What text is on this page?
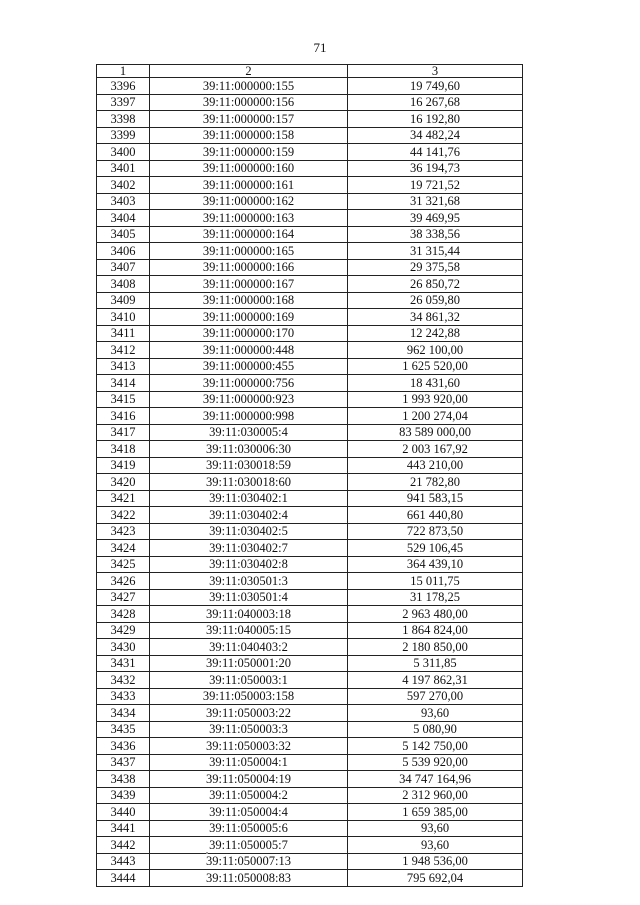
71
1	2	3
3396	39:11:000000:155	19 749,60
3397	39:11:000000:156	16 267,68
3398	39:11:000000:157	16 192,80
3399	39:11:000000:158	34 482,24
3400	39:11:000000:159	44 141,76
3401	39:11:000000:160	36 194,73
3402	39:11:000000:161	19 721,52
3403	39:11:000000:162	31 321,68
3404	39:11:000000:163	39 469,95
3405	39:11:000000:164	38 338,56
3406	39:11:000000:165	31 315,44
3407	39:11:000000:166	29 375,58
3408	39:11:000000:167	26 850,72
3409	39:11:000000:168	26 059,80
3410	39:11:000000:169	34 861,32
3411	39:11:000000:170	12 242,88
3412	39:11:000000:448	962 100,00
3413	39:11:000000:455	1 625 520,00
3414	39:11:000000:756	18 431,60
3415	39:11:000000:923	1 993 920,00
3416	39:11:000000:998	1 200 274,04
3417	39:11:030005:4	83 589 000,00
3418	39:11:030006:30	2 003 167,92
3419	39:11:030018:59	443 210,00
3420	39:11:030018:60	21 782,80
3421	39:11:030402:1	941 583,15
3422	39:11:030402:4	661 440,80
3423	39:11:030402:5	722 873,50
3424	39:11:030402:7	529 106,45
3425	39:11:030402:8	364 439,10
3426	39:11:030501:3	15 011,75
3427	39:11:030501:4	31 178,25
3428	39:11:040003:18	2 963 480,00
3429	39:11:040005:15	1 864 824,00
3430	39:11:040403:2	2 180 850,00
3431	39:11:050001:20	5 311,85
3432	39:11:050003:1	4 197 862,31
3433	39:11:050003:158	597 270,00
3434	39:11:050003:22	93,60
3435	39:11:050003:3	5 080,90
3436	39:11:050003:32	5 142 750,00
3437	39:11:050004:1	5 539 920,00
3438	39:11:050004:19	34 747 164,96
3439	39:11:050004:2	2 312 960,00
3440	39:11:050004:4	1 659 385,00
3441	39:11:050005:6	93,60
3442	39:11:050005:7	93,60
3443	39:11:050007:13	1 948 536,00
3444	39:11:050008:83	795 692,04
